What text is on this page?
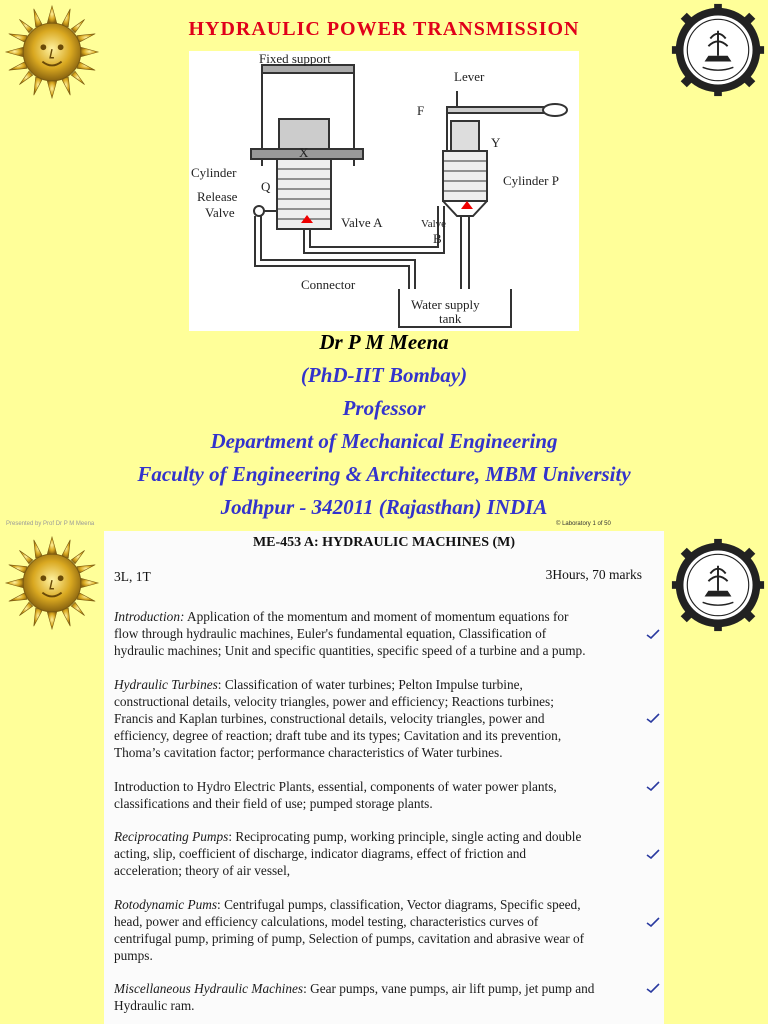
HYDRAULIC POWER TRANSMISSION
Fixed support
Lever
F
Y
X
Cylinder
Q
Release
Valve
Valve A
Cylinder P
Valve
B
Connector
Water supply
tank
Dr P M Meena
(PhD-IIT Bombay)
Professor
Department of Mechanical Engineering
Faculty of Engineering & Architecture, MBM University
Jodhpur - 342011 (Rajasthan) INDIA
Presented by Prof Dr P M Meena	© Laboratory 1 of 50
ME-453 A: HYDRAULIC MACHINES (M)
3L, 1T	3Hours, 70 marks
Introduction: Application of the momentum and moment of momentum equations for
flow through hydraulic machines, Euler's fundamental equation, Classification of
hydraulic machines; Unit and specific quantities, specific speed of a turbine and a pump.
Hydraulic Turbines: Classification of water turbines; Pelton Impulse turbine,
constructional details, velocity triangles, power and efficiency; Reactions turbines;
Francis and Kaplan turbines, constructional details, velocity triangles, power and
efficiency, degree of reaction; draft tube and its types; Cavitation and its prevention,
Thoma’s cavitation factor; performance characteristics of Water turbines.
Introduction to Hydro Electric Plants, essential, components of water power plants,
classifications and their field of use; pumped storage plants.
Reciprocating Pumps: Reciprocating pump, working principle, single acting and double
acting, slip, coefficient of discharge, indicator diagrams, effect of friction and
acceleration; theory of air vessel,
Rotodynamic Pums: Centrifugal pumps, classification, Vector diagrams, Specific speed,
head, power and efficiency calculations, model testing, characteristics curves of
centrifugal pump, priming of pump, Selection of pumps, cavitation and abrasive wear of
pumps.
Miscellaneous Hydraulic Machines: Gear pumps, vane pumps, air lift pump, jet pump and
Hydraulic ram.
